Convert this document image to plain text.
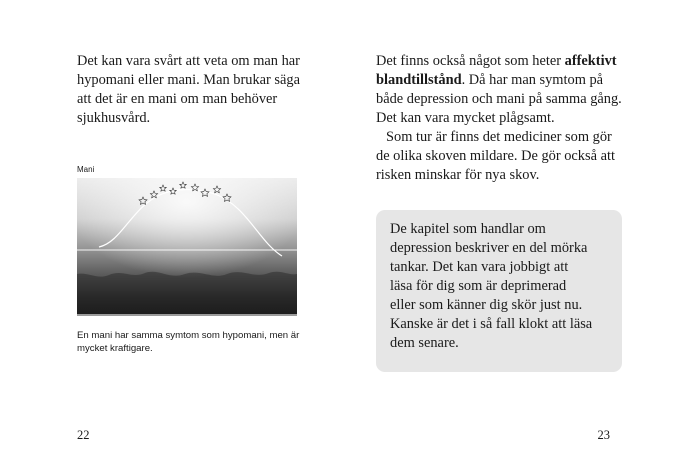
Det kan vara svårt att veta om man har hypomani eller mani. Man brukar säga att det är en mani om man behöver sjukhusvård.

Mani

En mani har samma symtom som hypomani, men är mycket kraftigare.

22

Det finns också något som heter affektivt blandtillstånd. Då har man symtom på både depression och mani på samma gång. Det kan vara mycket plågsamt.

Som tur är finns det mediciner som gör de olika skoven mildare. De gör också att risken minskar för nya skov.

De kapitel som handlar om depression beskriver en del mörka tankar. Det kan vara jobbigt att läsa för dig som är deprimerad eller som känner dig skör just nu. Kanske är det i så fall klokt att läsa dem senare.

23
